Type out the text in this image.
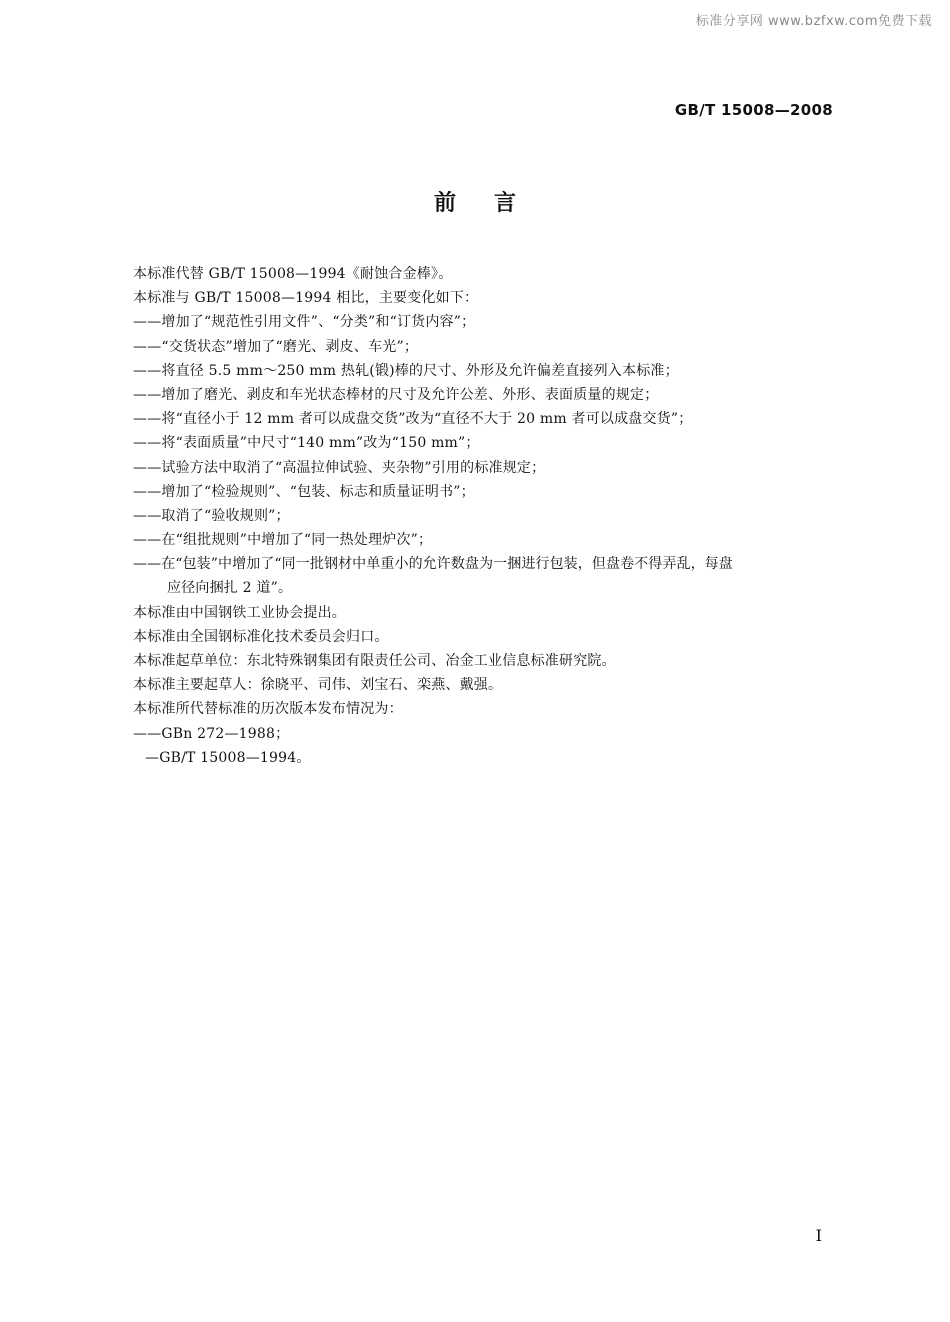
标准分享网 www.bzfxw.com免费下载
GB/T 15008—2008
前言
本标准代替 GB/T 15008—1994《耐蚀合金棒》。
本标准与 GB/T 15008—1994 相比，主要变化如下：
——增加了“规范性引用文件”、“分类”和“订货内容”；
——“交货状态”增加了“磨光、剥皮、车光”；
——将直径 5.5 mm～250 mm 热轧(锻)棒的尺寸、外形及允许偏差直接列入本标准；
——增加了磨光、剥皮和车光状态棒材的尺寸及允许公差、外形、表面质量的规定；
——将“直径小于 12 mm 者可以成盘交货”改为“直径不大于 20 mm 者可以成盘交货”；
——将“表面质量”中尺寸“140 mm”改为“150 mm”；
——试验方法中取消了“高温拉伸试验、夹杂物”引用的标准规定；
——增加了“检验规则”、“包装、标志和质量证明书”；
——取消了“验收规则”；
——在“组批规则”中增加了“同一热处理炉次”；
——在“包装”中增加了“同一批钢材中单重小的允许数盘为一捆进行包装，但盘卷不得弄乱，每盘
应径向捆扎 2 道”。
本标准由中国钢铁工业协会提出。
本标准由全国钢标准化技术委员会归口。
本标准起草单位：东北特殊钢集团有限责任公司、冶金工业信息标准研究院。
本标准主要起草人：徐晓平、司伟、刘宝石、栾燕、戴强。
本标准所代替标准的历次版本发布情况为：
——GBn 272—1988；
—GB/T 15008—1994。
I
